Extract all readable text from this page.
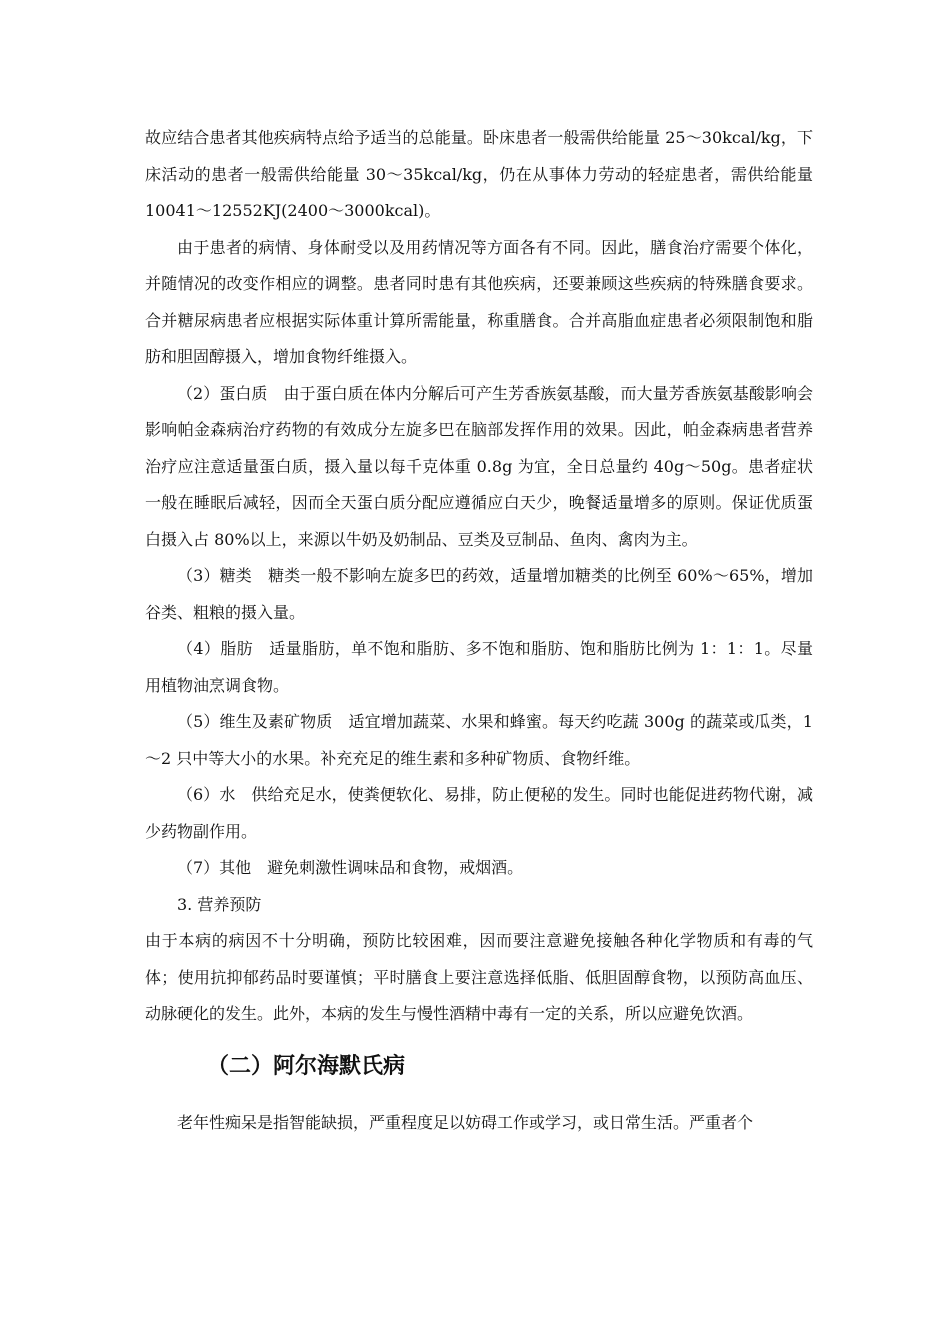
故应结合患者其他疾病特点给予适当的总能量。卧床患者一般需供给能量 25～30kcal/kg，下床活动的患者一般需供给能量 30～35kcal/kg，仍在从事体力劳动的轻症患者，需供给能量 10041～12552KJ(2400～3000kcal)。

由于患者的病情、身体耐受以及用药情况等方面各有不同。因此，膳食治疗需要个体化，并随情况的改变作相应的调整。患者同时患有其他疾病，还要兼顾这些疾病的特殊膳食要求。合并糖尿病患者应根据实际体重计算所需能量，称重膳食。合并高脂血症患者必须限制饱和脂肪和胆固醇摄入，增加食物纤维摄入。

（2）蛋白质　由于蛋白质在体内分解后可产生芳香族氨基酸，而大量芳香族氨基酸影响会影响帕金森病治疗药物的有效成分左旋多巴在脑部发挥作用的效果。因此，帕金森病患者营养治疗应注意适量蛋白质，摄入量以每千克体重 0.8g 为宜，全日总量约 40g～50g。患者症状一般在睡眠后减轻，因而全天蛋白质分配应遵循应白天少，晚餐适量增多的原则。保证优质蛋白摄入占 80%以上，来源以牛奶及奶制品、豆类及豆制品、鱼肉、禽肉为主。

（3）糖类　糖类一般不影响左旋多巴的药效，适量增加糖类的比例至 60%～65%，增加谷类、粗粮的摄入量。

（4）脂肪　适量脂肪，单不饱和脂肪、多不饱和脂肪、饱和脂肪比例为 1：1：1。尽量用植物油烹调食物。

（5）维生及素矿物质　适宜增加蔬菜、水果和蜂蜜。每天约吃蔬 300g 的蔬菜或瓜类，1～2 只中等大小的水果。补充充足的维生素和多种矿物质、食物纤维。

（6）水　供给充足水，使粪便软化、易排，防止便秘的发生。同时也能促进药物代谢，减少药物副作用。

（7）其他　避免刺激性调味品和食物，戒烟酒。

3. 营养预防

由于本病的病因不十分明确，预防比较困难，因而要注意避免接触各种化学物质和有毒的气体；使用抗抑郁药品时要谨慎；平时膳食上要注意选择低脂、低胆固醇食物，以预防高血压、动脉硬化的发生。此外，本病的发生与慢性酒精中毒有一定的关系，所以应避免饮酒。

（二）阿尔海默氏病

老年性痴呆是指智能缺损，严重程度足以妨碍工作或学习，或日常生活。严重者个
